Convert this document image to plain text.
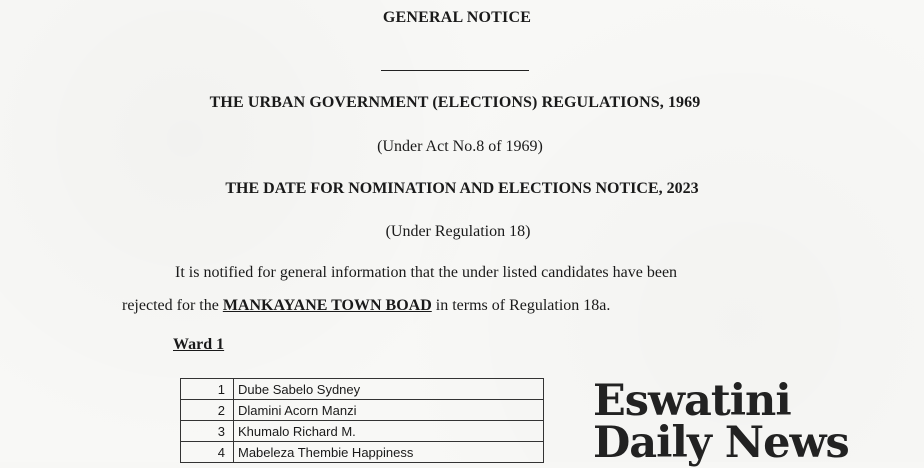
GENERAL NOTICE
THE URBAN GOVERNMENT (ELECTIONS) REGULATIONS, 1969
(Under Act No.8 of 1969)
THE DATE FOR NOMINATION AND ELECTIONS NOTICE, 2023
(Under Regulation 18)
It is notified for general information that the under listed candidates have been
rejected for the MANKAYANE TOWN BOAD in terms of Regulation 18a.
Ward 1
1	Dube Sabelo Sydney
2	Dlamini Acorn Manzi
3	Khumalo Richard M.
4	Mabeleza Thembie Happiness
Eswatini
Daily News
